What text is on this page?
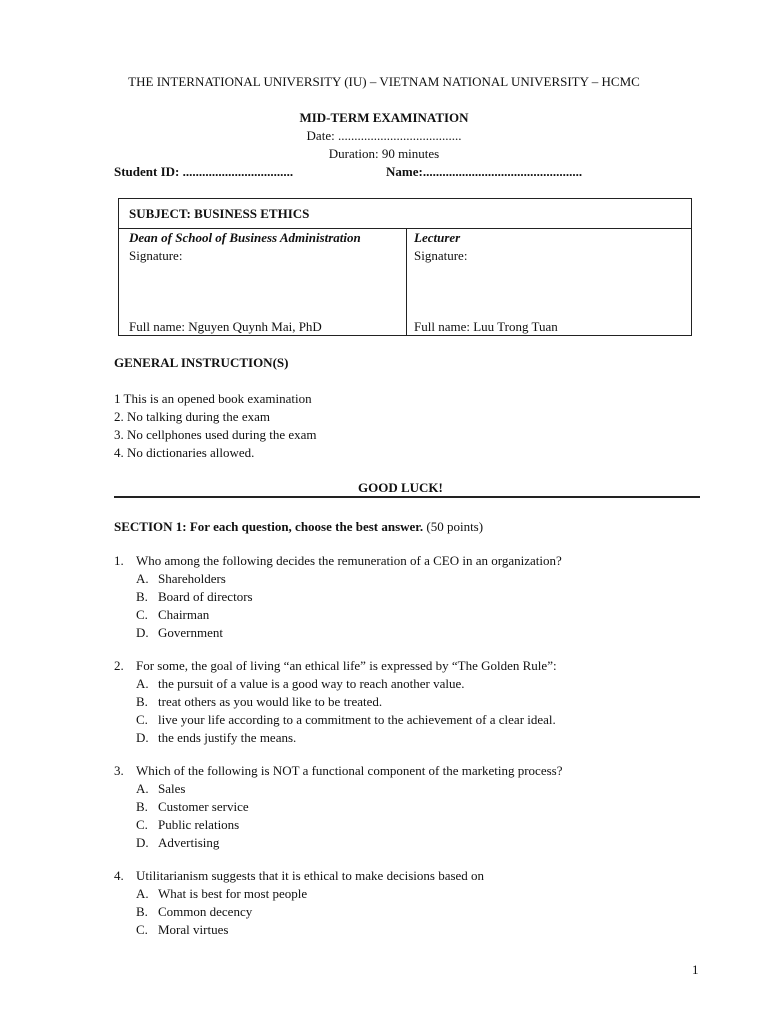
THE INTERNATIONAL UNIVERSITY (IU) – VIETNAM NATIONAL UNIVERSITY – HCMC
MID-TERM EXAMINATION
Date: ......................................
Duration: 90 minutes
Student ID: ..................................	Name:.................................................
SUBJECT: BUSINESS ETHICS
Dean of School of Business Administration
Signature:
Full name: Nguyen Quynh Mai, PhD
Lecturer
Signature:
Full name: Luu Trong Tuan
GENERAL INSTRUCTION(S)
1 This is an opened book examination
2. No talking during the exam
3. No cellphones used during the exam
4. No dictionaries allowed.
GOOD LUCK!
SECTION 1: For each question, choose the best answer. (50 points)
1. Who among the following decides the remuneration of a CEO in an organization?
A. Shareholders
B. Board of directors
C. Chairman
D. Government
2. For some, the goal of living “an ethical life” is expressed by “The Golden Rule”:
A. the pursuit of a value is a good way to reach another value.
B. treat others as you would like to be treated.
C. live your life according to a commitment to the achievement of a clear ideal.
D. the ends justify the means.
3. Which of the following is NOT a functional component of the marketing process?
A. Sales
B. Customer service
C. Public relations
D. Advertising
4. Utilitarianism suggests that it is ethical to make decisions based on
A. What is best for most people
B. Common decency
C. Moral virtues
1
